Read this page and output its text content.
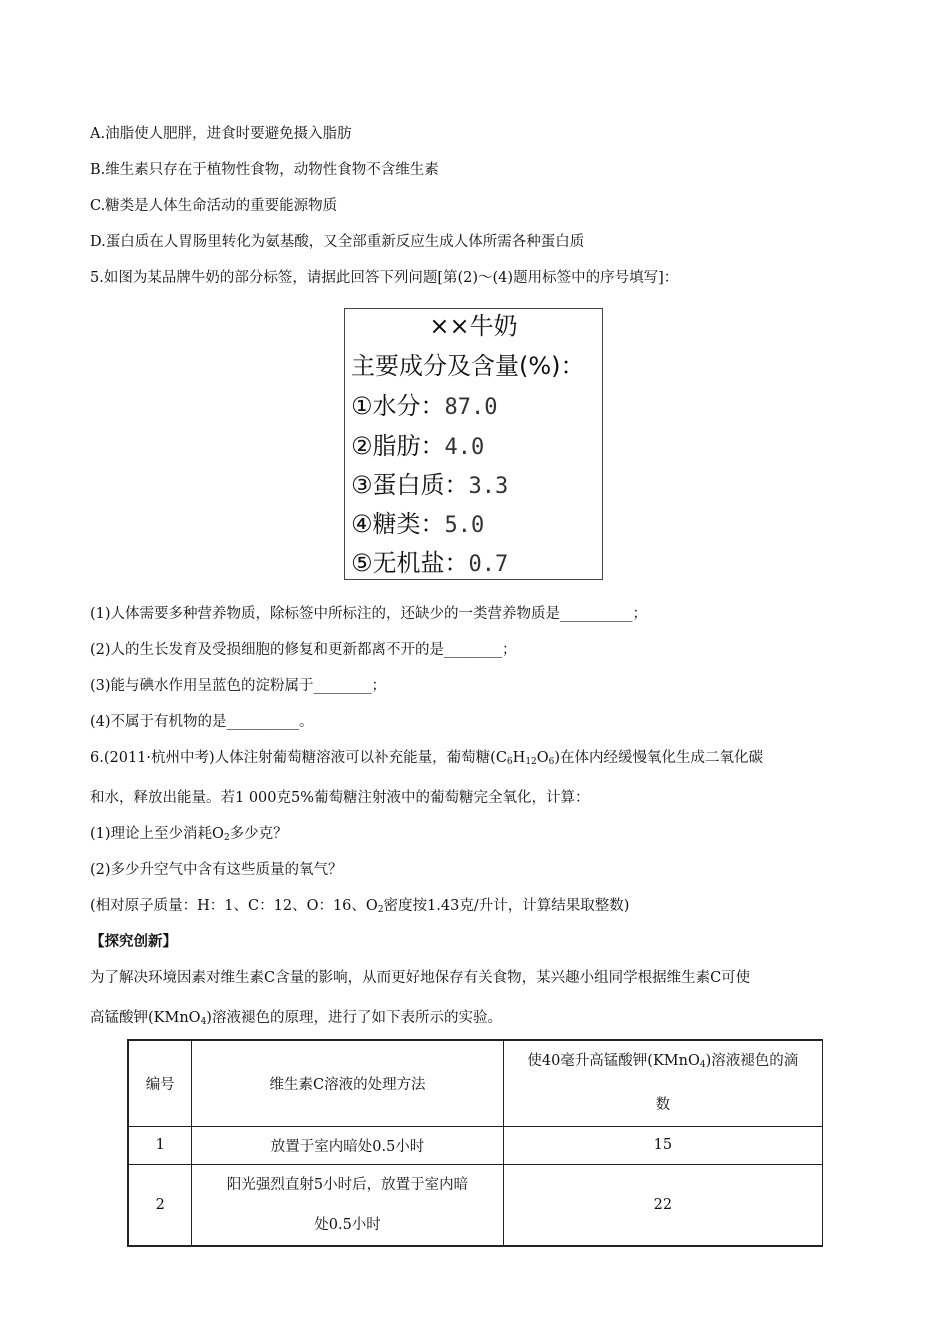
A.油脂使人肥胖，进食时要避免摄入脂肪
B.维生素只存在于植物性食物，动物性食物不含维生素
C.糖类是人体生命活动的重要能源物质
D.蛋白质在人胃肠里转化为氨基酸，又全部重新反应生成人体所需各种蛋白质
5.如图为某品牌牛奶的部分标签，请据此回答下列问题[第(2)～(4)题用标签中的序号填写]：
××牛奶
主要成分及含量(%)：
①水分：87.0
②脂肪：4.0
③蛋白质：3.3
④糖类：5.0
⑤无机盐：0.7
(1)人体需要多种营养物质，除标签中所标注的，还缺少的一类营养物质是__________；
(2)人的生长发育及受损细胞的修复和更新都离不开的是________；
(3)能与碘水作用呈蓝色的淀粉属于________；
(4)不属于有机物的是__________。
6.(2011·杭州中考)人体注射葡萄糖溶液可以补充能量，葡萄糖$(C_6H_{12}O_6)$在体内经缓慢氧化生成二氧化碳
和水，释放出能量。若1 000克5%葡萄糖注射液中的葡萄糖完全氧化，计算：
(1)理论上至少消耗$O_2$多少克？
(2)多少升空气中含有这些质量的氧气？
(相对原子质量：H：1、C：12、O：16、$O_2$密度按1.43克/升计，计算结果取整数)
【探究创新】
为了解决环境因素对维生素C含量的影响，从而更好地保存有关食物，某兴趣小组同学根据维生素C可使
高锰酸钾(KMnO$_4$)溶液褪色的原理，进行了如下表所示的实验。
编号	维生素C溶液的处理方法	使40毫升高锰酸钾(KMnO$_4$)溶液褪色的滴
数
1	放置于室内暗处0.5小时	15
2	阳光强烈直射5小时后，放置于室内暗
处0.5小时	22
